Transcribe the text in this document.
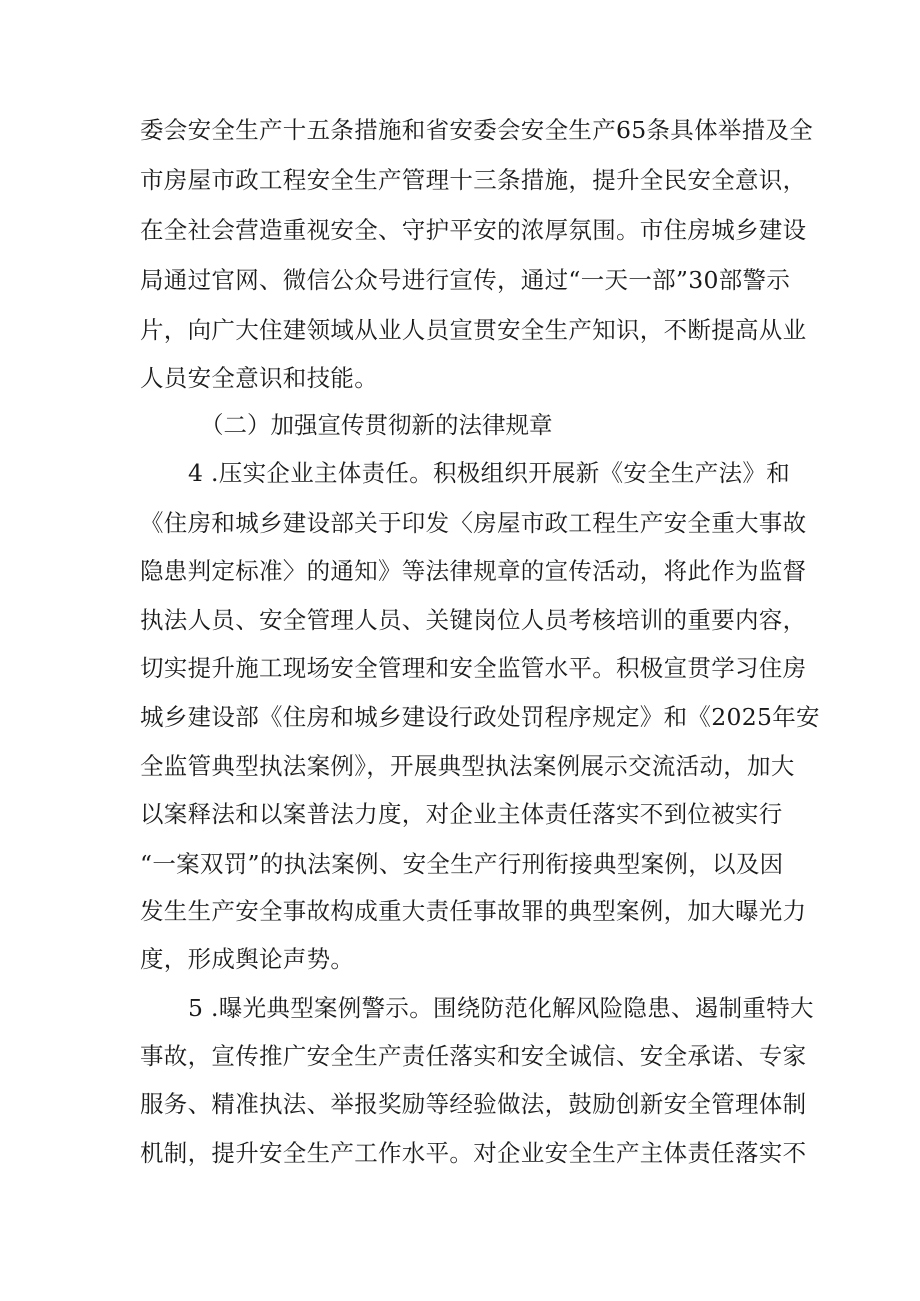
委会安全生产十五条措施和省安委会安全生产65条具体举措及全
市房屋市政工程安全生产管理十三条措施，提升全民安全意识，
在全社会营造重视安全、守护平安的浓厚氛围。市住房城乡建设
局通过官网、微信公众号进行宣传，通过“一天一部”30部警示
片，向广大住建领域从业人员宣贯安全生产知识，不断提高从业
人员安全意识和技能。
（二）加强宣传贯彻新的法律规章
4 .压实企业主体责任。积极组织开展新《安全生产法》和
《住房和城乡建设部关于印发〈房屋市政工程生产安全重大事故
隐患判定标准〉的通知》等法律规章的宣传活动，将此作为监督
执法人员、安全管理人员、关键岗位人员考核培训的重要内容，
切实提升施工现场安全管理和安全监管水平。积极宣贯学习住房
城乡建设部《住房和城乡建设行政处罚程序规定》和《2025年安
全监管典型执法案例》，开展典型执法案例展示交流活动，加大
以案释法和以案普法力度，对企业主体责任落实不到位被实行
“一案双罚”的执法案例、安全生产行刑衔接典型案例，以及因
发生生产安全事故构成重大责任事故罪的典型案例，加大曝光力
度，形成舆论声势。
5 .曝光典型案例警示。围绕防范化解风险隐患、遏制重特大
事故，宣传推广安全生产责任落实和安全诚信、安全承诺、专家
服务、精准执法、举报奖励等经验做法，鼓励创新安全管理体制
机制，提升安全生产工作水平。对企业安全生产主体责任落实不
